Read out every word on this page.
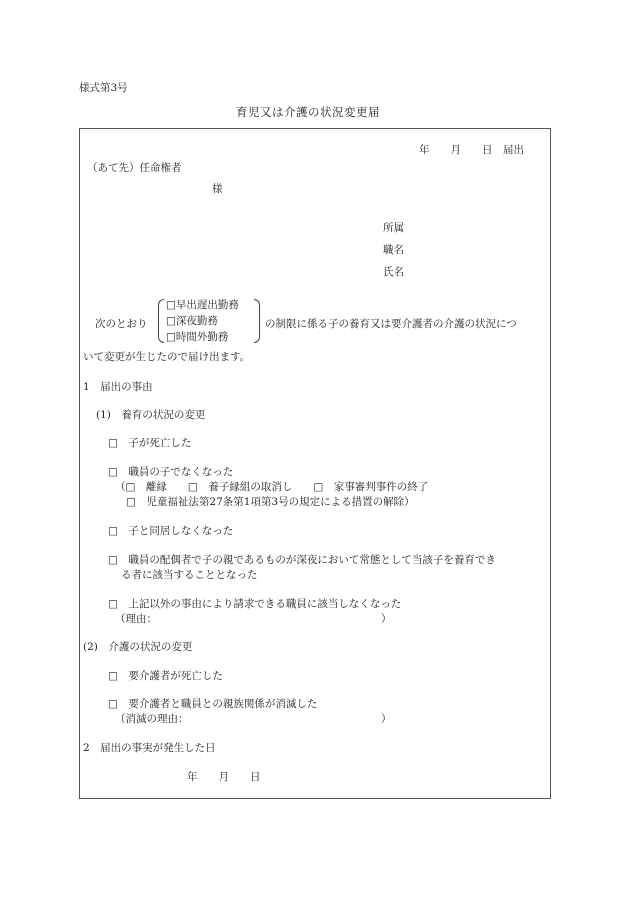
様式第3号
育児又は介護の状況変更届
年　　月　　日　届出
（あて先）任命権者
様
所属
職名
氏名
次のとおり
□早出遅出勤務
□深夜勤務
□時間外勤務
の制限に係る子の養育又は要介護者の介護の状況につ
いて変更が生じたので届け出ます。
1　届出の事由
(1)　養育の状況の変更
□　子が死亡した
□　職員の子でなくなった
（□　離縁　　□　養子縁組の取消し　　□　家事審判事件の終了
□　児童福祉法第27条第1項第3号の規定による措置の解除）
□　子と同居しなくなった
□　職員の配偶者で子の親であるものが深夜において常態として当該子を養育でき
る者に該当することとなった
□　上記以外の事由により請求できる職員に該当しなくなった
（理由：	）
(2)　介護の状況の変更
□　要介護者が死亡した
□　要介護者と職員との親族関係が消滅した
（消滅の理由：	）
2　届出の事実が発生した日
年　　月　　日
